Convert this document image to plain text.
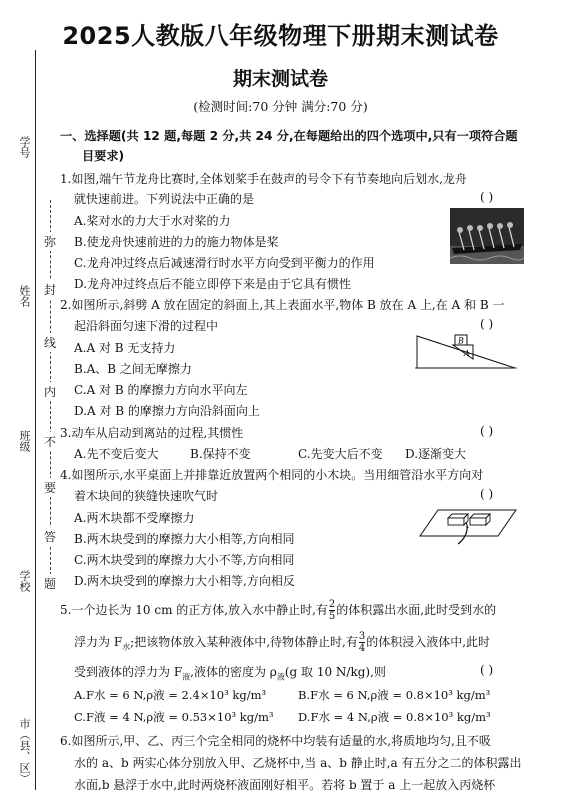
2025人教版八年级物理下册期末测试卷
期末测试卷
(检测时间:70 分钟 满分:70 分)
学号
姓名
班级
学校
市（县、区）
弥
封
线
内
不
要
答
题
一、选择题(共 12 题,每题 2 分,共 24 分,在每题给出的四个选项中,只有一项符合题
目要求)
1.如图,端午节龙舟比赛时,全体划桨手在鼓声的号令下有节奏地向后划水,龙舟
就快速前进。下列说法中正确的是	( )
A.桨对水的力大于水对桨的力
B.使龙舟快速前进的力的施力物体是桨
C.龙舟冲过终点后减速滑行时水平方向受到平衡力的作用
D.龙舟冲过终点后不能立即停下来是由于它具有惯性
2.如图所示,斜劈 A 放在固定的斜面上,其上表面水平,物体 B 放在 A 上,在 A 和 B 一
起沿斜面匀速下滑的过程中	( )
A.A 对 B 无支持力
B.A、B 之间无摩擦力
C.A 对 B 的摩擦力方向水平向左
D.A 对 B 的摩擦力方向沿斜面向上
B
A
3.动车从启动到离站的过程,其惯性	( )
A.先不变后变大	B.保持不变	C.先变大后不变 D.逐渐变大
4.如图所示,水平桌面上并排靠近放置两个相同的小木块。当用细管沿水平方向对
着木块间的狭缝快速吹气时	( )
A.两木块都不受摩擦力
B.两木块受到的摩擦力大小相等,方向相同
C.两木块受到的摩擦力大小不等,方向相同
D.两木块受到的摩擦力大小相等,方向相反
5.一个边长为 10 cm 的正方体,放入水中静止时,有 $\frac{2}{5}$ 的体积露出水面,此时受到水的
浮力为 $F_水$;把该物体放入某种液体中,待物体静止时,有 $\frac{3}{4}$ 的体积浸入液体中,此时
受到液体的浮力为 $F_液$,液体的密度为 $\rho_液(g$ 取 10 N/kg),则	( )
A.F水 = 6 N,ρ液 = 2.4×10³ kg/m³	B.F水 = 6 N,ρ液 = 0.8×10³ kg/m³
C.F液 = 4 N,ρ液 = 0.53×10³ kg/m³ D.F水 = 4 N,ρ液 = 0.8×10³ kg/m³
6.如图所示,甲、乙、丙三个完全相同的烧杯中均装有适量的水,将质地均匀,且不吸
水的 a、b 两实心体分别放入甲、乙烧杯中,当 a、b 静止时,a 有五分之二的体积露出
水面,b 悬浮于水中,此时两烧杯液面刚好相平。若将 b 置于 a 上一起放入丙烧杯
